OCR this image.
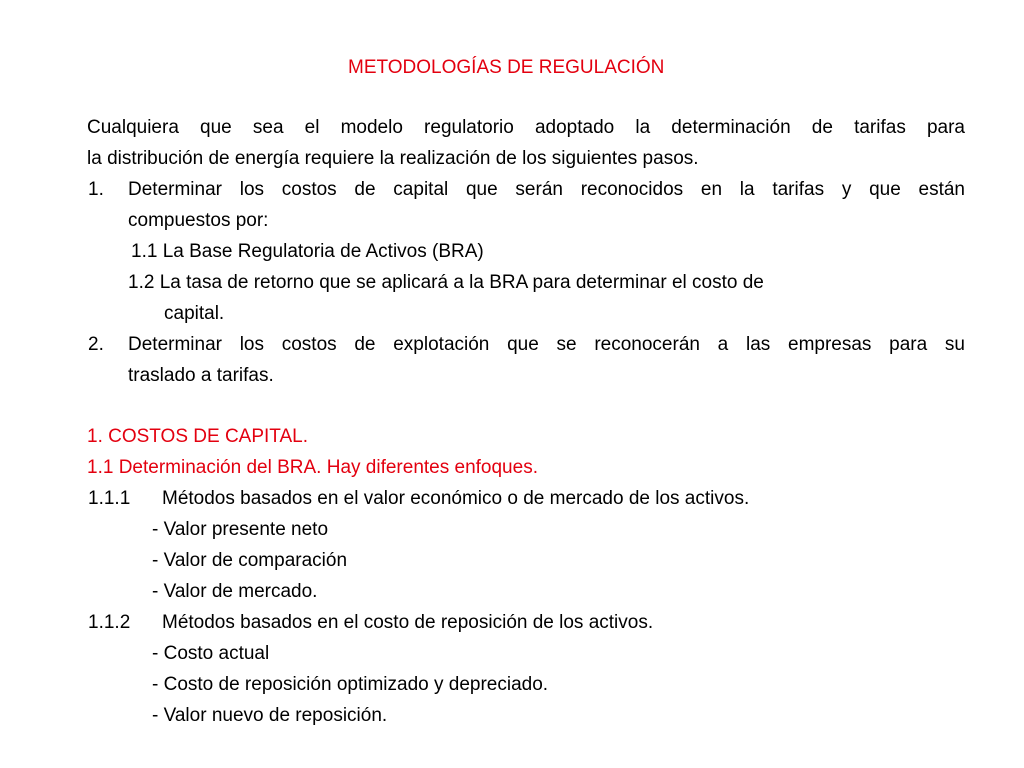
METODOLOGÍAS DE REGULACIÓN
Cualquiera que sea el modelo regulatorio adoptado la determinación de tarifas para
la distribución de energía requiere la realización de los siguientes pasos.
1. Determinar los costos de capital que serán reconocidos en la tarifas y que están
compuestos por:
1.1 La Base Regulatoria de Activos (BRA)
1.2 La tasa de retorno que se aplicará a la BRA para determinar el costo de
capital.
2. Determinar los costos de explotación que se reconocerán a las empresas para su
traslado a tarifas.
1. COSTOS DE CAPITAL.
1.1 Determinación del BRA. Hay diferentes enfoques.
1.1.1 Métodos basados en el valor económico o de mercado de los activos.
- Valor presente neto
- Valor de comparación
- Valor de mercado.
1.1.2 Métodos basados en el costo de reposición de los activos.
- Costo actual
- Costo de reposición optimizado y depreciado.
- Valor nuevo de reposición.
